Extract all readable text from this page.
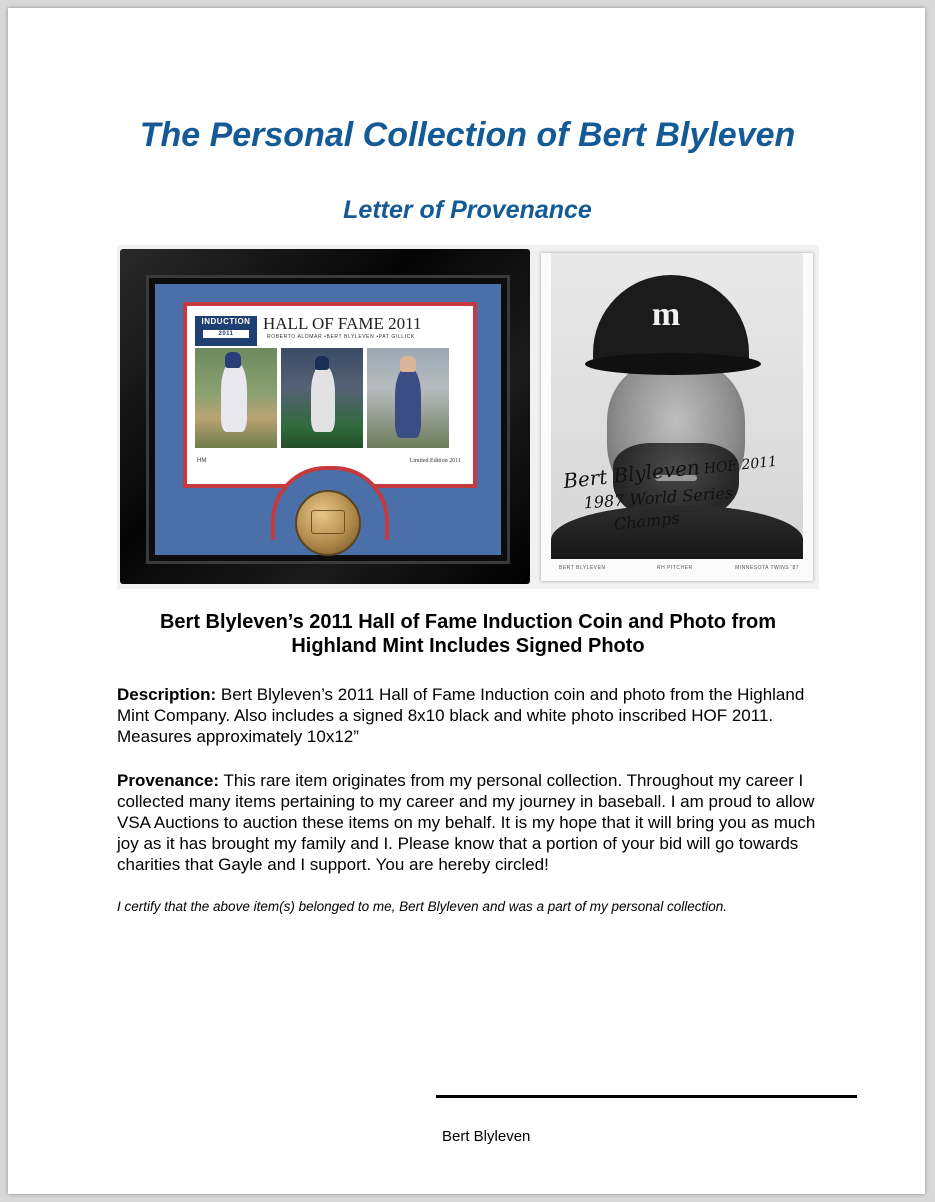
The Personal Collection of Bert Blyleven
Letter of Provenance
INDUCTION
2011
HALL OF FAME 2011
ROBERTO ALOMAR •BERT BLYLEVEN •PAT GILLICK
HM	Limited Edition 2011
m
Bert Blyleven HOF 2011
1987 World Series
Champs
BERT BLYLEVEN	RH PITCHER	MINNESOTA TWINS '87

Bert Blyleven’s 2011 Hall of Fame Induction Coin and Photo from Highland Mint Includes Signed Photo

Description: Bert Blyleven’s 2011 Hall of Fame Induction coin and photo from the Highland Mint Company. Also includes a signed 8x10 black and white photo inscribed HOF 2011. Measures approximately 10x12”

Provenance: This rare item originates from my personal collection. Throughout my career I collected many items pertaining to my career and my journey in baseball. I am proud to allow VSA Auctions to auction these items on my behalf. It is my hope that it will bring you as much joy as it has brought my family and I. Please know that a portion of your bid will go towards charities that Gayle and I support. You are hereby circled!

I certify that the above item(s) belonged to me, Bert Blyleven and was a part of my personal collection.

Bert Blyleven
